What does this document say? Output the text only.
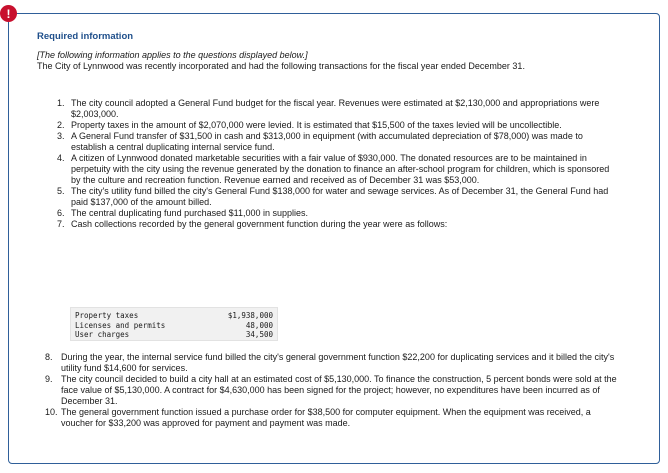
!
Required information
[The following information applies to the questions displayed below.]
The City of Lynnwood was recently incorporated and had the following transactions for the fiscal year ended December 31.
1. The city council adopted a General Fund budget for the fiscal year. Revenues were estimated at $2,130,000 and appropriations were $2,003,000.
2. Property taxes in the amount of $2,070,000 were levied. It is estimated that $15,500 of the taxes levied will be uncollectible.
3. A General Fund transfer of $31,500 in cash and $313,000 in equipment (with accumulated depreciation of $78,000) was made to establish a central duplicating internal service fund.
4. A citizen of Lynnwood donated marketable securities with a fair value of $930,000. The donated resources are to be maintained in perpetuity with the city using the revenue generated by the donation to finance an after-school program for children, which is sponsored by the culture and recreation function. Revenue earned and received as of December 31 was $53,000.
5. The city's utility fund billed the city's General Fund $138,000 for water and sewage services. As of December 31, the General Fund had paid $137,000 of the amount billed.
6. The central duplicating fund purchased $11,000 in supplies.
7. Cash collections recorded by the general government function during the year were as follows:
Property taxes	$1,938,000
Licenses and permits	48,000
User charges	34,500
8. During the year, the internal service fund billed the city's general government function $22,200 for duplicating services and it billed the city's utility fund $14,600 for services.
9. The city council decided to build a city hall at an estimated cost of $5,130,000. To finance the construction, 5 percent bonds were sold at the face value of $5,130,000. A contract for $4,630,000 has been signed for the project; however, no expenditures have been incurred as of December 31.
10. The general government function issued a purchase order for $38,500 for computer equipment. When the equipment was received, a voucher for $33,200 was approved for payment and payment was made.
